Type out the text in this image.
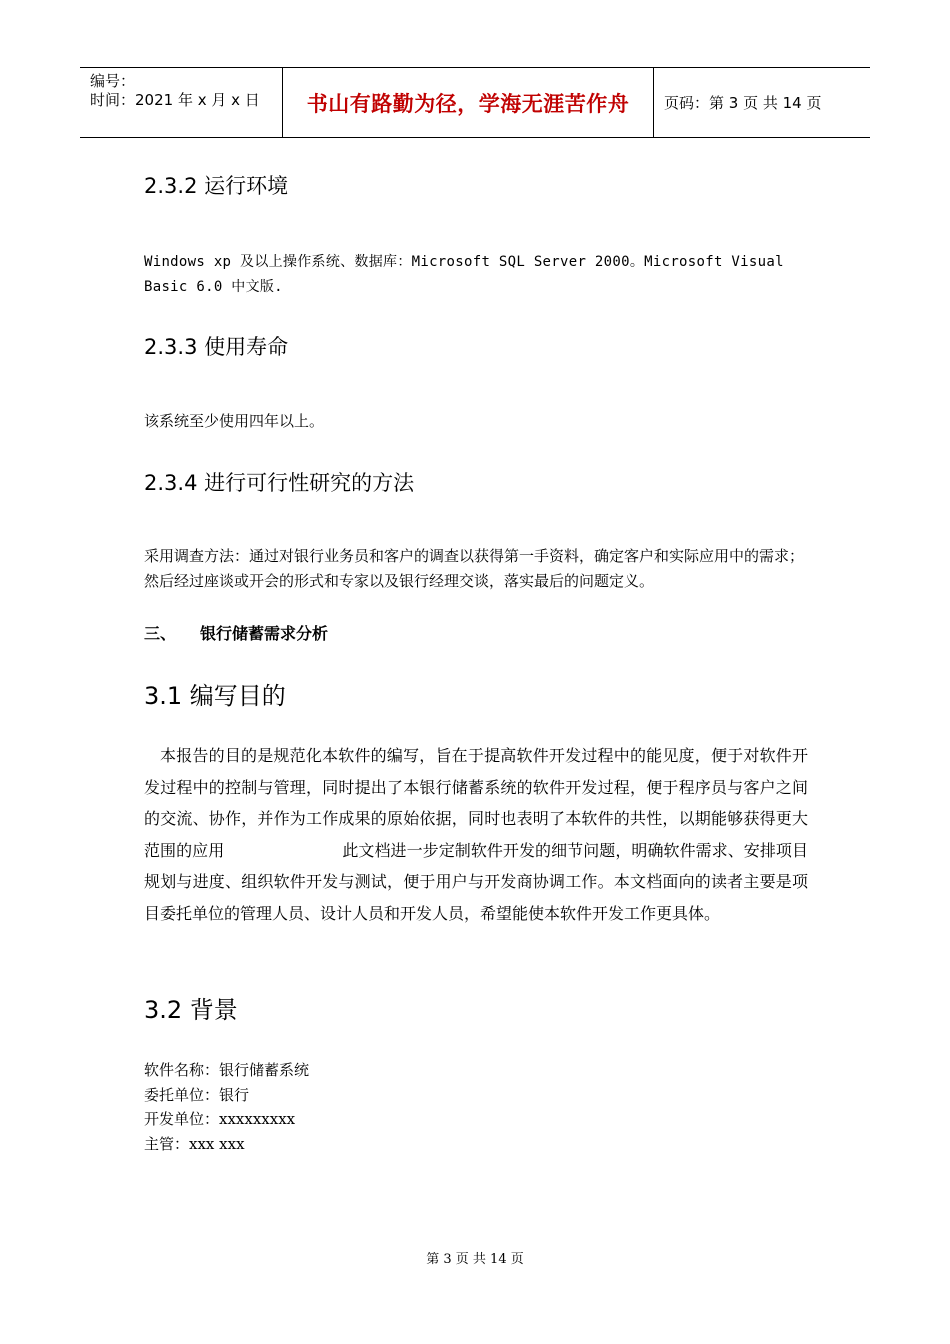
编号：
时间：2021 年 x 月 x 日	书山有路勤为径，学海无涯苦作舟 页码：第 3 页 共 14 页
2.3.2 运行环境

Windows xp 及以上操作系统、数据库：Microsoft SQL Server 2000。Microsoft Visual Basic 6.0 中文版.

2.3.3 使用寿命

该系统至少使用四年以上。

2.3.4 进行可行性研究的方法

采用调查方法：通过对银行业务员和客户的调查以获得第一手资料，确定客户和实际应用中的需求；然后经过座谈或开会的形式和专家以及银行经理交谈，落实最后的问题定义。

三、 银行储蓄需求分析

3.1 编写目的

本报告的目的是规范化本软件的编写，旨在于提高软件开发过程中的能见度，便于对软件开发过程中的控制与管理，同时提出了本银行储蓄系统的软件开发过程，便于程序员与客户之间的交流、协作，并作为工作成果的原始依据，同时也表明了本软件的共性，以期能够获得更大范围的应用	此文档进一步定制软件开发的细节问题，明确软件需求、安排项目规划与进度、组织软件开发与测试，便于用户与开发商协调工作。本文档面向的读者主要是项目委托单位的管理人员、设计人员和开发人员，希望能使本软件开发工作更具体。

3.2 背景
软件名称：银行储蓄系统
委托单位：银行
开发单位：xxxxxxxxx
主管：xxx xxx
第 3 页 共 14 页
